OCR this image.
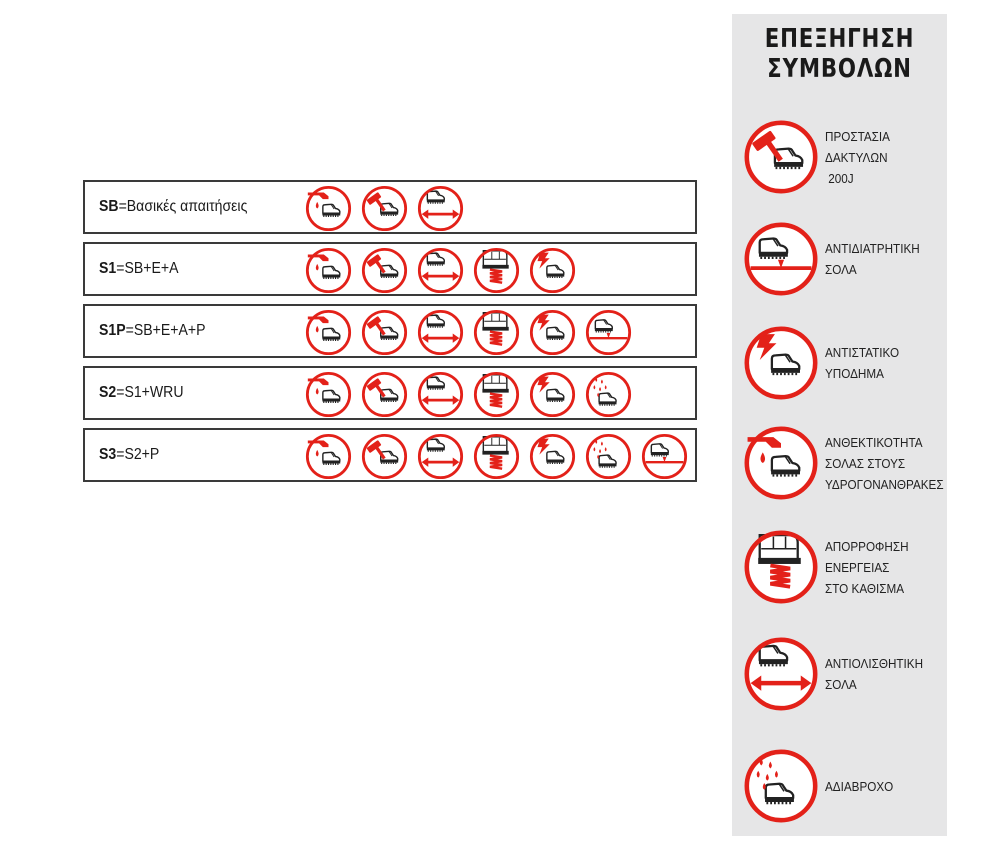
SB =Βασικές απαιτήσεις
S1 =SB+E+A
S1P =SB+E+A+P
S2 =S1+WRU
S3 =S2+P
ΕΠΕΞΗΓΗΣΗ
ΣΥΜΒΟΛΩΝ
ΠΡΟΣΤΑΣΙΑ
ΔΑΚΤΥΛΩΝ
200J
ΑΝΤΙΔΙΑΤΡΗΤΙΚΗ
ΣΟΛΑ
ΑΝΤΙΣΤΑΤΙΚΟ
ΥΠΟΔΗΜΑ
ΑΝΘΕΚΤΙΚΟΤΗΤΑ
ΣΟΛΑΣ ΣΤΟΥΣ
ΥΔΡΟΓΟΝΑΝΘΡΑΚΕΣ
ΑΠΟΡΡΟΦΗΣΗ
ΕΝΕΡΓΕΙΑΣ
ΣΤΟ ΚΑΘΙΣΜΑ
ΑΝΤΙΟΛΙΣΘΗΤΙΚΗ
ΣΟΛΑ
ΑΔΙΑΒΡΟΧΟ
